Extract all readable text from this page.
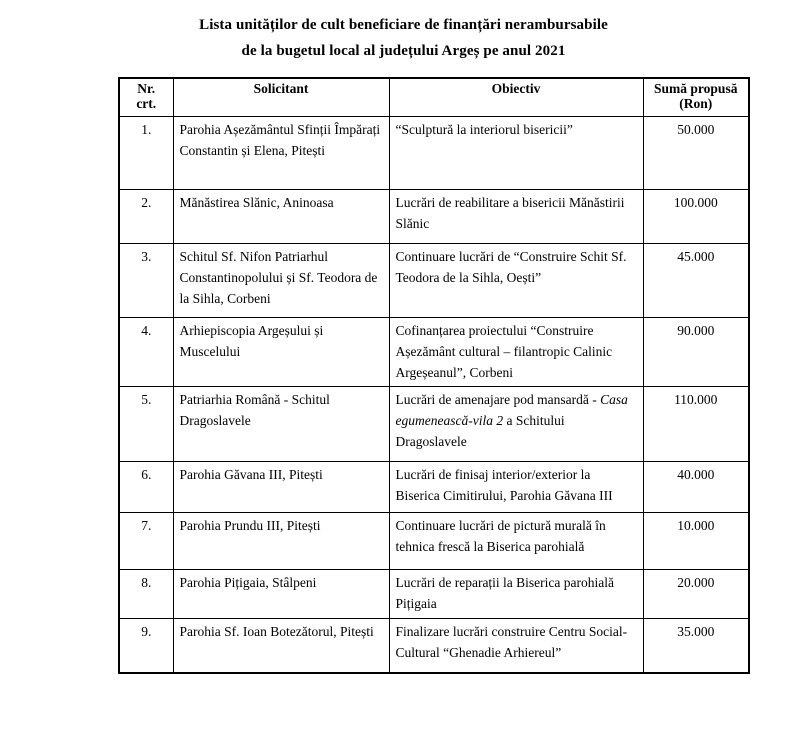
Lista unităților de cult beneficiare de finanțări nerambursabile
de la bugetul local al județului Argeș pe anul 2021
Nr. crt.	Solicitant	Obiectiv	Sumă propusă
(Ron)

1.	Parohia Așezământul Sfinții Împărați Constantin și Elena, Pitești	“Sculptură la interiorul bisericii”	50.000
2.	Mănăstirea Slănic, Aninoasa	Lucrări de reabilitare a bisericii Mănăstirii Slănic	100.000
3.	Schitul Sf. Nifon Patriarhul Constantinopolului și Sf. Teodora de la Sihla, Corbeni	Continuare lucrări de “Construire Schit Sf. Teodora de la Sihla, Oești”	45.000
4.	Arhiepiscopia Argeșului și Muscelului	Cofinanțarea proiectului “Construire Așezământ cultural – filantropic Calinic Argeșeanul”, Corbeni	90.000
5.	Patriarhia Română - Schitul Dragoslavele	Lucrări de amenajare pod mansardă - Casa egumenească-vila 2 a Schitului Dragoslavele	110.000
6.	Parohia Găvana III, Pitești	Lucrări de finisaj interior/exterior la Biserica Cimitirului, Parohia Găvana III	40.000
7.	Parohia Prundu III, Pitești	Continuare lucrări de pictură murală în tehnica frescă la Biserica parohială	10.000
8.	Parohia Pițigaia, Stâlpeni	Lucrări de reparații la Biserica parohială Pițigaia	20.000
9.	Parohia Sf. Ioan Botezătorul, Pitești	Finalizare lucrări construire Centru Social-Cultural “Ghenadie Arhiereul”	35.000
